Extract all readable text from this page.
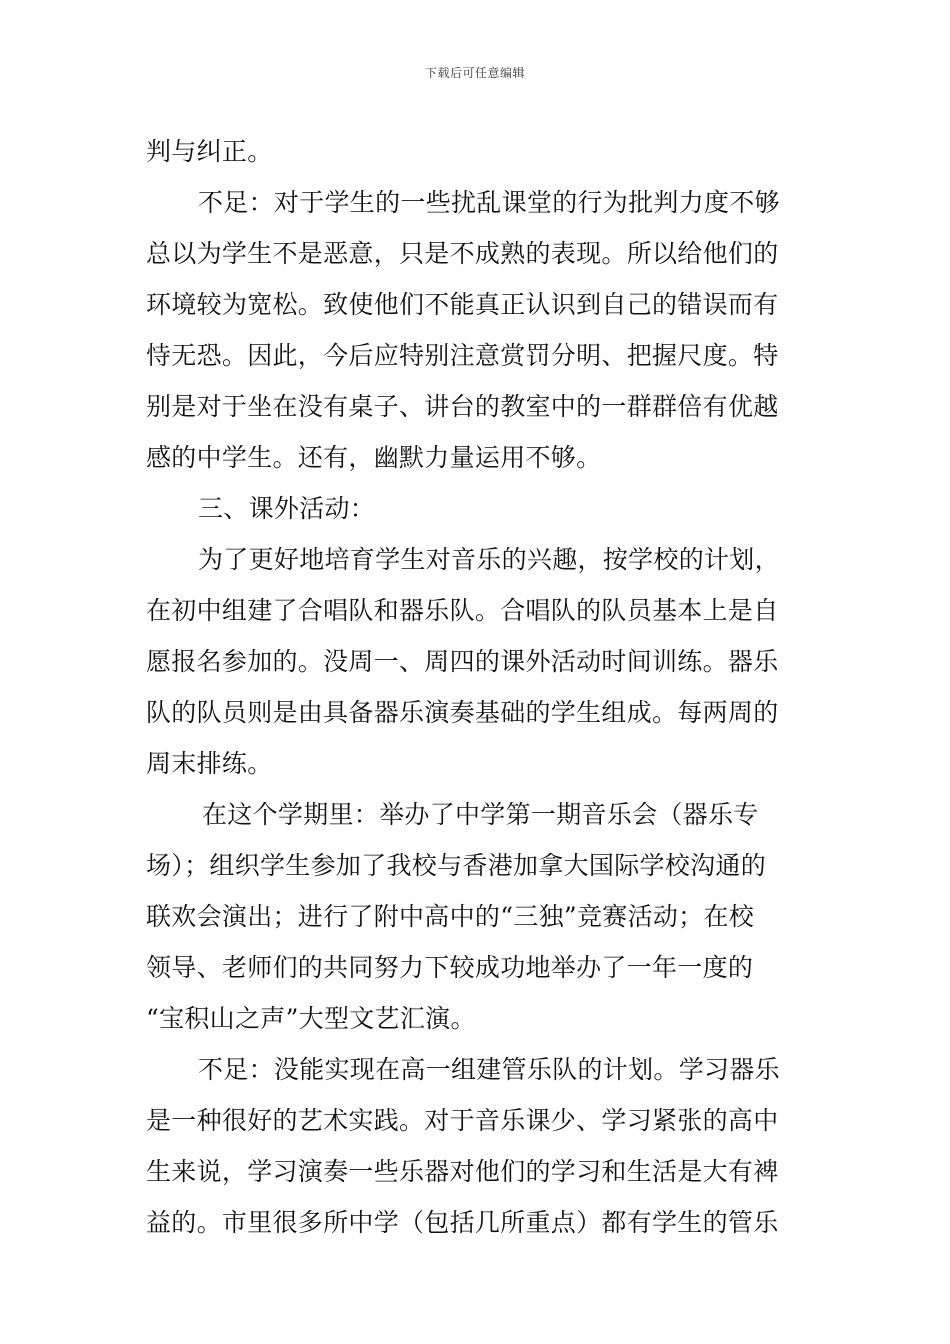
下载后可任意编辑
判与纠正。
不足：对于学生的一些扰乱课堂的行为批判力度不够
总以为学生不是恶意，只是不成熟的表现。所以给他们的
环境较为宽松。致使他们不能真正认识到自己的错误而有
恃无恐。因此，今后应特别注意赏罚分明、把握尺度。特
别是对于坐在没有桌子、讲台的教室中的一群群倍有优越
感的中学生。还有，幽默力量运用不够。
三、课外活动：
为了更好地培育学生对音乐的兴趣，按学校的计划，
在初中组建了合唱队和器乐队。合唱队的队员基本上是自
愿报名参加的。没周一、周四的课外活动时间训练。器乐
队的队员则是由具备器乐演奏基础的学生组成。每两周的
周末排练。
在这个学期里：举办了中学第一期音乐会（器乐专
场）；组织学生参加了我校与香港加拿大国际学校沟通的
联欢会演出；进行了附中高中的“三独”竞赛活动；在校
领导、老师们的共同努力下较成功地举办了一年一度的
“宝积山之声”大型文艺汇演。
不足：没能实现在高一组建管乐队的计划。学习器乐
是一种很好的艺术实践。对于音乐课少、学习紧张的高中
生来说，学习演奏一些乐器对他们的学习和生活是大有裨
益的。市里很多所中学（包括几所重点）都有学生的管乐
